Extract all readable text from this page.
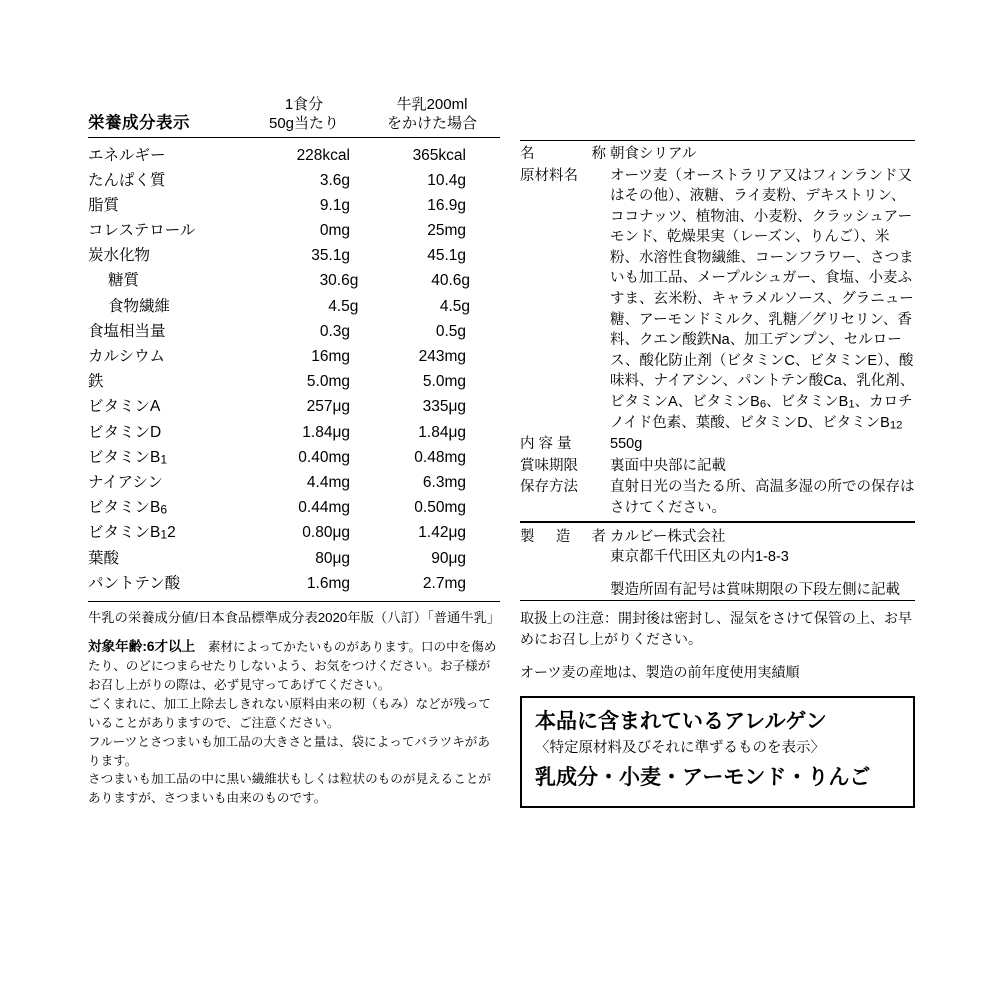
栄養成分表示
1食分
50g当たり
牛乳200ml
をかけた場合
エネルギー	228kcal	365kcal
たんぱく質	3.6g	10.4g
脂質	9.1g	16.9g
コレステロール	0mg	25mg
炭水化物	35.1g	45.1g
糖質	30.6g	40.6g
食物繊維	4.5g	4.5g
食塩相当量	0.3g	0.5g
カルシウム	16mg	243mg
鉄	5.0mg	5.0mg
ビタミンA	257μg	335μg
ビタミンD	1.84μg	1.84μg
ビタミンB1	0.40mg	0.48mg
ナイアシン	4.4mg	6.3mg
ビタミンB6	0.44mg	0.50mg
ビタミンB12	0.80μg	1.42μg
葉酸	80μg	90μg
パントテン酸	1.6mg	2.7mg
牛乳の栄養成分値/日本食品標準成分表2020年版（八訂）「普通牛乳」
対象年齢:6才以上　素材によってかたいものがあります。口の中を傷めたり、のどにつまらせたりしないよう、お気をつけください。お子様がお召し上がりの際は、必ず見守ってあげてください。
ごくまれに、加工上除去しきれない原料由来の籾（もみ）などが残っていることがありますので、ご注意ください。
フルーツとさつまいも加工品の大きさと量は、袋によってバラツキがあります。
さつまいも加工品の中に黒い繊維状もしくは粒状のものが見えることがありますが、さつまいも由来のものです。
名	称 朝食シリアル
原材料名	オーツ麦（オーストラリア又はフィンランド又はその他）、液糖、ライ麦粉、デキストリン、ココナッツ、植物油、小麦粉、クラッシュアーモンド、乾燥果実（レーズン、りんご）、米粉、水溶性食物繊維、コーンフラワー、さつまいも加工品、メープルシュガー、食塩、小麦ふすま、玄米粉、キャラメルソース、グラニュー糖、アーモンドミルク、乳糖／グリセリン、香料、クエン酸鉄Na、加工デンプン、セルロース、酸化防止剤（ビタミンC、ビタミンE）、酸味料、ナイアシン、パントテン酸Ca、乳化剤、ビタミンA、ビタミンB6、ビタミンB1、カロチノイド色素、葉酸、ビタミンD、ビタミンB12
内 容 量	550g
賞味期限	裏面中央部に記載
保存方法	直射日光の当たる所、高温多湿の所での保存はさけてください。
製 造 者 カルビー株式会社
東京都千代田区丸の内1-8-3
製造所固有記号は賞味期限の下段左側に記載
取扱上の注意：開封後は密封し、湿気をさけて保管の上、お早めにお召し上がりください。
オーツ麦の産地は、製造の前年度使用実績順
本品に含まれているアレルゲン
〈特定原材料及びそれに準ずるものを表示〉
乳成分・小麦・アーモンド・りんご
